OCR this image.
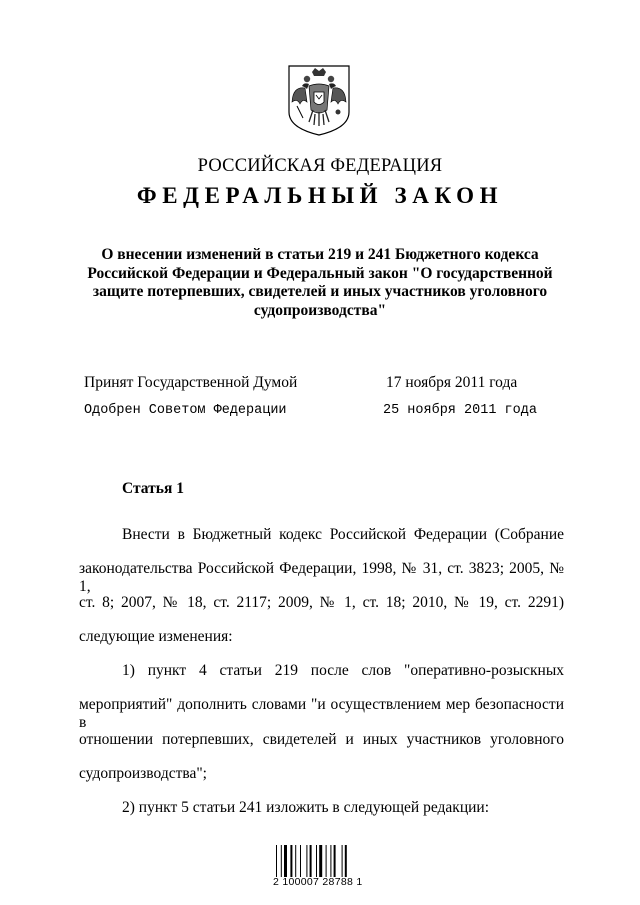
РОССИЙСКАЯ ФЕДЕРАЦИЯ
ФЕДЕРАЛЬНЫЙ ЗАКОН
О внесении изменений в статьи 219 и 241 Бюджетного кодекса
Российской Федерации и Федеральный закон "О государственной
защите потерпевших, свидетелей и иных участников уголовного
судопроизводства"
Принят Государственной Думой	17 ноября 2011 года
Одобрен Советом Федерации	25 ноября 2011 года
Статья 1
Внести в Бюджетный кодекс Российской Федерации (Собрание
законодательства Российской Федерации, 1998, № 31, ст. 3823; 2005, № 1,
ст. 8; 2007, № 18, ст. 2117; 2009, № 1, ст. 18; 2010, № 19, ст. 2291)
следующие изменения:
1) пункт 4 статьи 219 после слов "оперативно-розыскных
мероприятий" дополнить словами "и осуществлением мер безопасности в
отношении потерпевших, свидетелей и иных участников уголовного
судопроизводства";
2) пункт 5 статьи 241 изложить в следующей редакции:
2 100007 28788 1
